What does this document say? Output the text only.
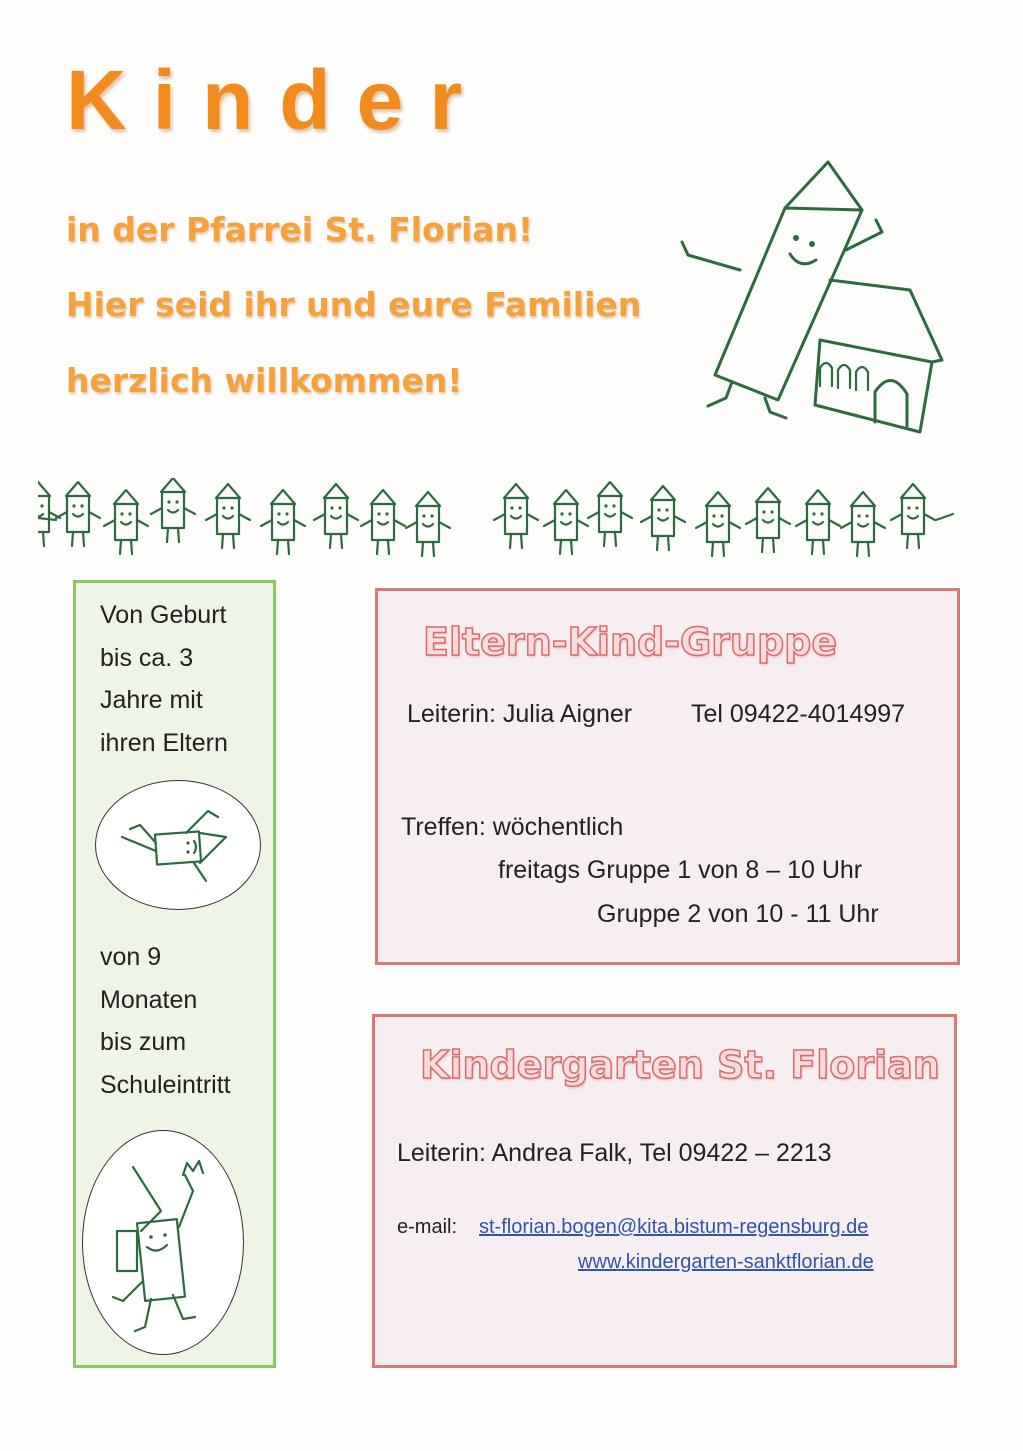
Kinder
in der Pfarrei St. Florian!
Hier seid ihr und eure Familien
herzlich willkommen!
Von Geburt
bis ca. 3
Jahre mit
ihren Eltern
von 9
Monaten
bis zum
Schuleintritt
Eltern-Kind-Gruppe
Leiterin: Julia Aigner Tel 09422-4014997
Treffen: wöchentlich
freitags Gruppe 1 von 8 – 10 Uhr
Gruppe 2 von 10 - 11 Uhr
Kindergarten St. Florian
Leiterin: Andrea Falk, Tel 09422 – 2213
e-mail: st-florian.bogen@kita.bistum-regensburg.de
www.kindergarten-sanktflorian.de
